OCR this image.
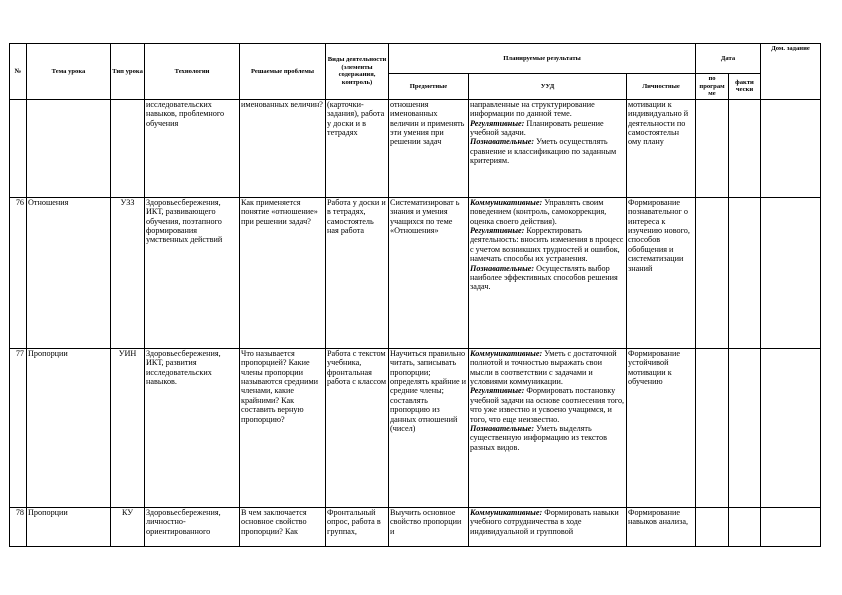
№	Тема урока	Тип урока	Технологии	Решаемые проблемы	Виды деятельности (элементы содержания, контроль)	Планируемые результаты			Дата		Дом. задание
						Предметные	УУД	Личностные	по програм ме	факти чески	
			исследовательских навыков, проблемного обучения	именованных величин?	(карточки-задания), работа у доски и в тетрадях	отношения именованных величин и применять эти умения при решении задач	направленные на структурирование информации по данной теме.
Регулятивные: Планировать решение учебной задачи.
Познавательные: Уметь осуществлять сравнение и классификацию по заданным критериям.	мотивации к индивидуально й деятельности по самостоятельн ому плану			
76	Отношения	УЗЗ	Здоровьесбережения, ИКТ, развивающего обучения, поэтапного формирования умственных действий	Как применяется понятие «отношение» при решении задач?	Работа у доски и в тетрадях, самостоятель ная работа	Систематизироват ь знания и умения учащихся по теме «Отношения»	Коммуникативные: Управлять своим поведением (контроль, самокоррекция, оценка своего действия).
Регулятивные: Корректировать деятельность: вносить изменения в процесс с учетом возникших трудностей и ошибок, намечать способы их устранения.
Познавательные: Осуществлять выбор наиболее эффективных способов решения задач.	Формирование познавательног о интереса к изучению нового, способов обобщения и систематизации знаний			
77	Пропорции	УИН	Здоровьесбережения, ИКТ, развития исследовательских навыков.	Что называется пропорцией? Какие члены пропорции называются средними членами, какие крайними? Как составить верную пропорцию?	Работа с текстом учебника, фронтальная работа с классом	Научиться правильно читать, записывать пропорции; определять крайние и средние члены; составлять пропорцию из данных отношений (чисел)	Коммуникативные: Уметь с достаточной полнотой и точностью выражать свои мысли в соответствии с задачами и условиями коммуникации.
Регулятивные: Формировать постановку учебной задачи на основе соотнесения того, что уже известно и усвоено учащимся, и того, что еще неизвестно.
Познавательные: Уметь выделять существенную информацию из текстов разных видов.	Формирование устойчивой мотивации к обучению			
78	Пропорции	КУ	Здоровьесбережения, личностно-ориентированного	В чем заключается основное свойство пропорции? Как	Фронтальный опрос, работа в группах,	Выучить основное свойство пропорции и	Коммуникативные: Формировать навыки учебного сотрудничества в ходе индивидуальной и групповой	Формирование навыков анализа,			
